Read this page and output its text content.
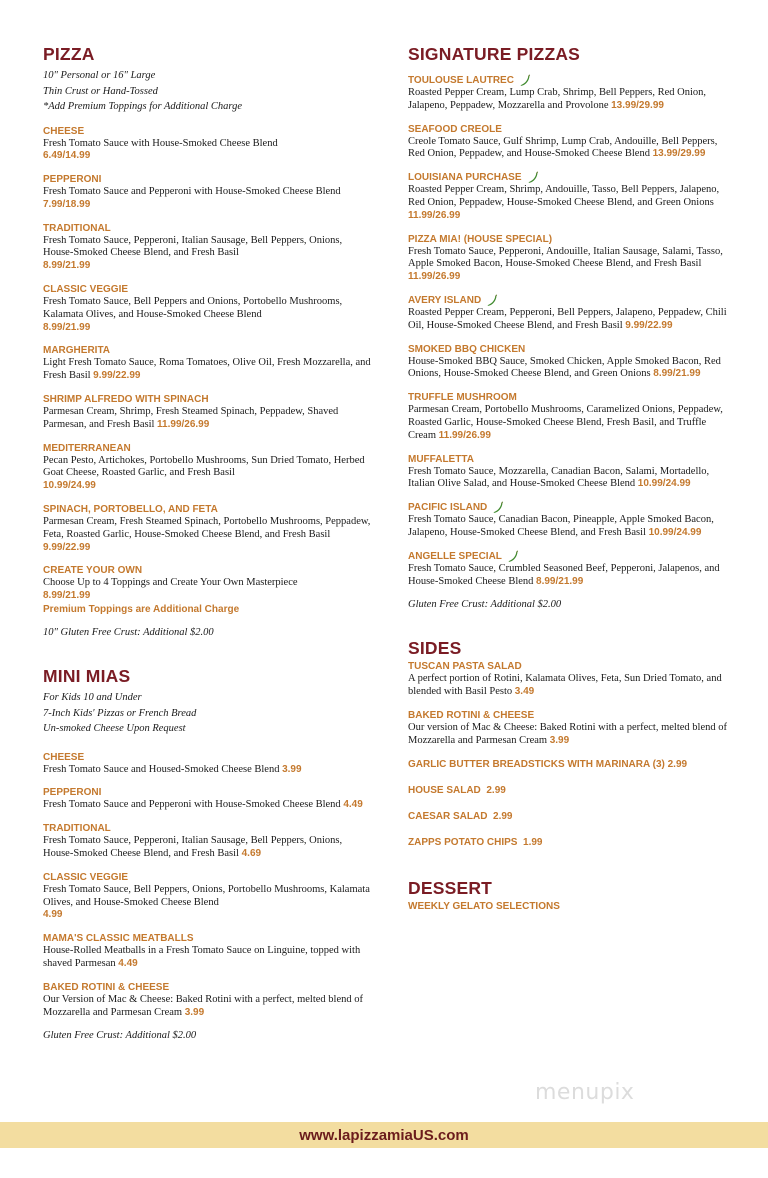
PIZZA
10" Personal or 16" Large
Thin Crust or Hand-Tossed
*Add Premium Toppings for Additional Charge
CHEESE
Fresh Tomato Sauce with House-Smoked Cheese Blend
6.49/14.99
PEPPERONI
Fresh Tomato Sauce and Pepperoni with House-Smoked Cheese Blend 7.99/18.99
TRADITIONAL
Fresh Tomato Sauce, Pepperoni, Italian Sausage, Bell Peppers, Onions, House-Smoked Cheese Blend, and Fresh Basil
8.99/21.99
CLASSIC VEGGIE
Fresh Tomato Sauce, Bell Peppers and Onions, Portobello Mushrooms, Kalamata Olives, and House-Smoked Cheese Blend
8.99/21.99
MARGHERITA
Light Fresh Tomato Sauce, Roma Tomatoes, Olive Oil, Fresh Mozzarella, and Fresh Basil 9.99/22.99
SHRIMP ALFREDO WITH SPINACH
Parmesan Cream, Shrimp, Fresh Steamed Spinach, Peppadew, Shaved Parmesan, and Fresh Basil 11.99/26.99
MEDITERRANEAN
Pecan Pesto, Artichokes, Portobello Mushrooms, Sun Dried Tomato, Herbed Goat Cheese, Roasted Garlic, and Fresh Basil
10.99/24.99
SPINACH, PORTOBELLO, AND FETA
Parmesan Cream, Fresh Steamed Spinach, Portobello Mushrooms, Peppadew, Feta, Roasted Garlic, House-Smoked Cheese Blend, and Fresh Basil 9.99/22.99
CREATE YOUR OWN
Choose Up to 4 Toppings and Create Your Own Masterpiece
8.99/21.99
Premium Toppings are Additional Charge
10" Gluten Free Crust: Additional $2.00
MINI MIAS
For Kids 10 and Under
7-Inch Kids' Pizzas or French Bread
Un-smoked Cheese Upon Request
CHEESE
Fresh Tomato Sauce and Housed-Smoked Cheese Blend 3.99
PEPPERONI
Fresh Tomato Sauce and Pepperoni with House-Smoked Cheese Blend 4.49
TRADITIONAL
Fresh Tomato Sauce, Pepperoni, Italian Sausage, Bell Peppers, Onions, House-Smoked Cheese Blend, and Fresh Basil 4.69
CLASSIC VEGGIE
Fresh Tomato Sauce, Bell Peppers, Onions, Portobello Mushrooms, Kalamata Olives, and House-Smoked Cheese Blend
4.99
MAMA'S CLASSIC MEATBALLS
House-Rolled Meatballs in a Fresh Tomato Sauce on Linguine, topped with shaved Parmesan 4.49
BAKED ROTINI & CHEESE
Our Version of Mac & Cheese: Baked Rotini with a perfect, melted blend of Mozzarella and Parmesan Cream 3.99
Gluten Free Crust: Additional $2.00
SIGNATURE PIZZAS
TOULOUSE LAUTREC
Roasted Pepper Cream, Lump Crab, Shrimp, Bell Peppers, Red Onion, Jalapeno, Peppadew, Mozzarella and Provolone 13.99/29.99
SEAFOOD CREOLE
Creole Tomato Sauce, Gulf Shrimp, Lump Crab, Andouille, Bell Peppers, Red Onion, Peppadew, and House-Smoked Cheese Blend 13.99/29.99
LOUISIANA PURCHASE
Roasted Pepper Cream, Shrimp, Andouille, Tasso, Bell Peppers, Jalapeno, Red Onion, Peppadew, House-Smoked Cheese Blend, and Green Onions 11.99/26.99
PIZZA MIA! (HOUSE SPECIAL)
Fresh Tomato Sauce, Pepperoni, Andouille, Italian Sausage, Salami, Tasso, Apple Smoked Bacon, House-Smoked Cheese Blend, and Fresh Basil 11.99/26.99
AVERY ISLAND
Roasted Pepper Cream, Pepperoni, Bell Peppers, Jalapeno, Peppadew, Chili Oil, House-Smoked Cheese Blend, and Fresh Basil 9.99/22.99
SMOKED BBQ CHICKEN
House-Smoked BBQ Sauce, Smoked Chicken, Apple Smoked Bacon, Red Onions, House-Smoked Cheese Blend, and Green Onions 8.99/21.99
TRUFFLE MUSHROOM
Parmesan Cream, Portobello Mushrooms, Caramelized Onions, Peppadew, Roasted Garlic, House-Smoked Cheese Blend, Fresh Basil, and Truffle Cream 11.99/26.99
MUFFALETTA
Fresh Tomato Sauce, Mozzarella, Canadian Bacon, Salami, Mortadello, Italian Olive Salad, and House-Smoked Cheese Blend 10.99/24.99
PACIFIC ISLAND
Fresh Tomato Sauce, Canadian Bacon, Pineapple, Apple Smoked Bacon, Jalapeno, House-Smoked Cheese Blend, and Fresh Basil 10.99/24.99
ANGELLE SPECIAL
Fresh Tomato Sauce, Crumbled Seasoned Beef, Pepperoni, Jalapenos, and House-Smoked Cheese Blend 8.99/21.99
Gluten Free Crust: Additional $2.00
SIDES
TUSCAN PASTA SALAD
A perfect portion of Rotini, Kalamata Olives, Feta, Sun Dried Tomato, and blended with Basil Pesto 3.49
BAKED ROTINI & CHEESE
Our version of Mac & Cheese: Baked Rotini with a perfect, melted blend of Mozzarella and Parmesan Cream 3.99
GARLIC BUTTER BREADSTICKS WITH MARINARA (3) 2.99
HOUSE SALAD 2.99
CAESAR SALAD 2.99
ZAPPS POTATO CHIPS 1.99
DESSERT
WEEKLY GELATO SELECTIONS
menupix
www.lapizzamiaUS.com
